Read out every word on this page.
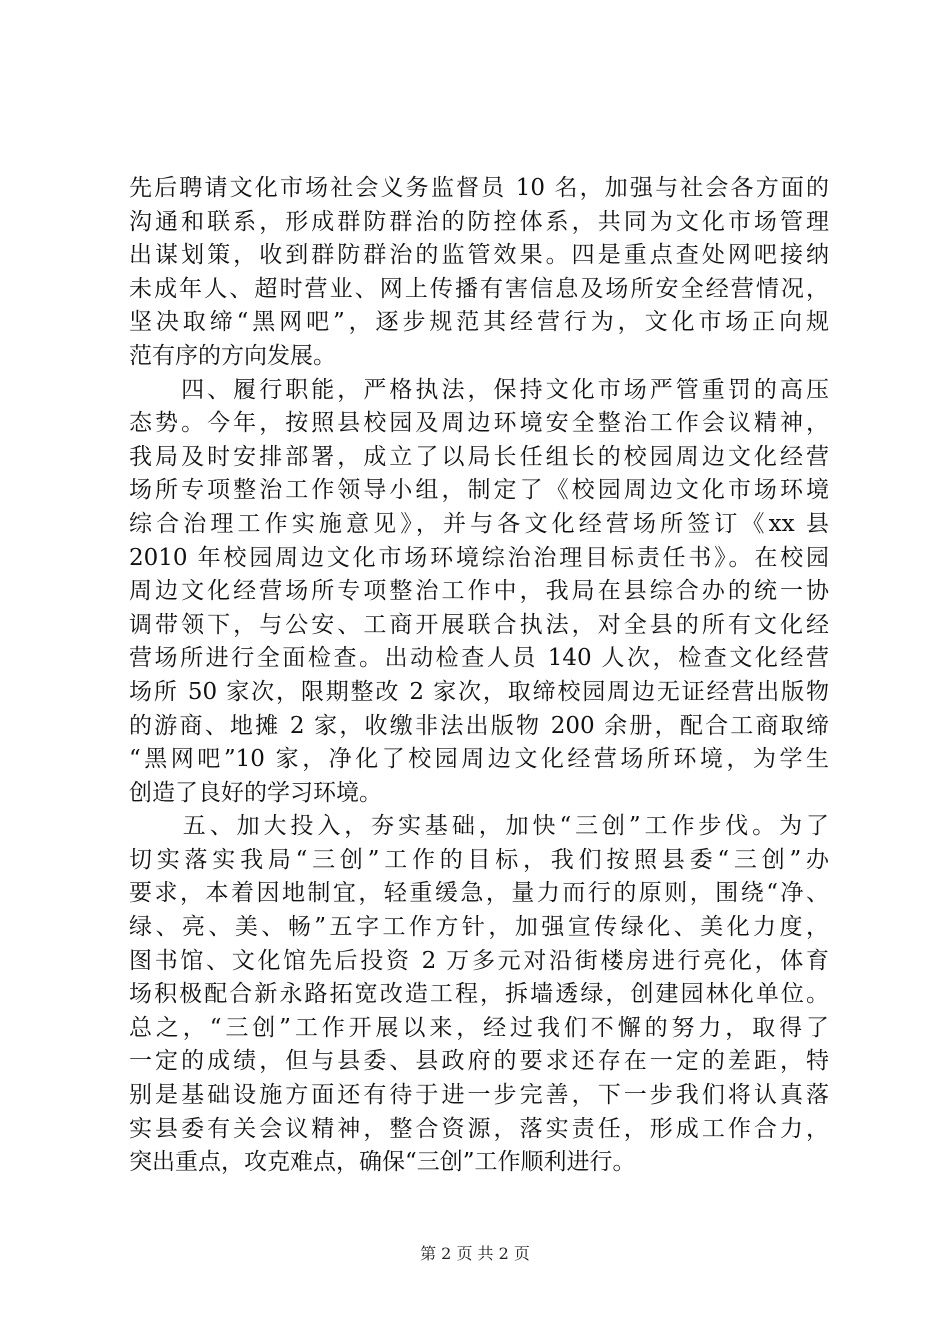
先后聘请文化市场社会义务监督员 10 名，加强与社会各方面的
沟通和联系，形成群防群治的防控体系，共同为文化市场管理
出谋划策，收到群防群治的监管效果。四是重点查处网吧接纳
未成年人、超时营业、网上传播有害信息及场所安全经营情况，
坚决取缔“黑网吧”，逐步规范其经营行为，文化市场正向规
范有序的方向发展。
　　四、履行职能，严格执法，保持文化市场严管重罚的高压
态势。今年，按照县校园及周边环境安全整治工作会议精神，
我局及时安排部署，成立了以局长任组长的校园周边文化经营
场所专项整治工作领导小组，制定了《校园周边文化市场环境
综合治理工作实施意见》，并与各文化经营场所签订《xx 县
2010 年校园周边文化市场环境综治治理目标责任书》。在校园
周边文化经营场所专项整治工作中，我局在县综合办的统一协
调带领下，与公安、工商开展联合执法，对全县的所有文化经
营场所进行全面检查。出动检查人员 140 人次，检查文化经营
场所 50 家次，限期整改 2 家次，取缔校园周边无证经营出版物
的游商、地摊 2 家，收缴非法出版物 200 余册，配合工商取缔
“黑网吧”10 家，净化了校园周边文化经营场所环境，为学生
创造了良好的学习环境。
　　五、加大投入，夯实基础，加快“三创”工作步伐。为了
切实落实我局“三创”工作的目标，我们按照县委“三创”办
要求，本着因地制宜，轻重缓急，量力而行的原则，围绕“净、
绿、亮、美、畅”五字工作方针，加强宣传绿化、美化力度，
图书馆、文化馆先后投资 2 万多元对沿街楼房进行亮化，体育
场积极配合新永路拓宽改造工程，拆墙透绿，创建园林化单位。
总之，“三创”工作开展以来，经过我们不懈的努力，取得了
一定的成绩，但与县委、县政府的要求还存在一定的差距，特
别是基础设施方面还有待于进一步完善，下一步我们将认真落
实县委有关会议精神，整合资源，落实责任，形成工作合力，
突出重点，攻克难点，确保“三创”工作顺利进行。
第 2 页 共 2 页
